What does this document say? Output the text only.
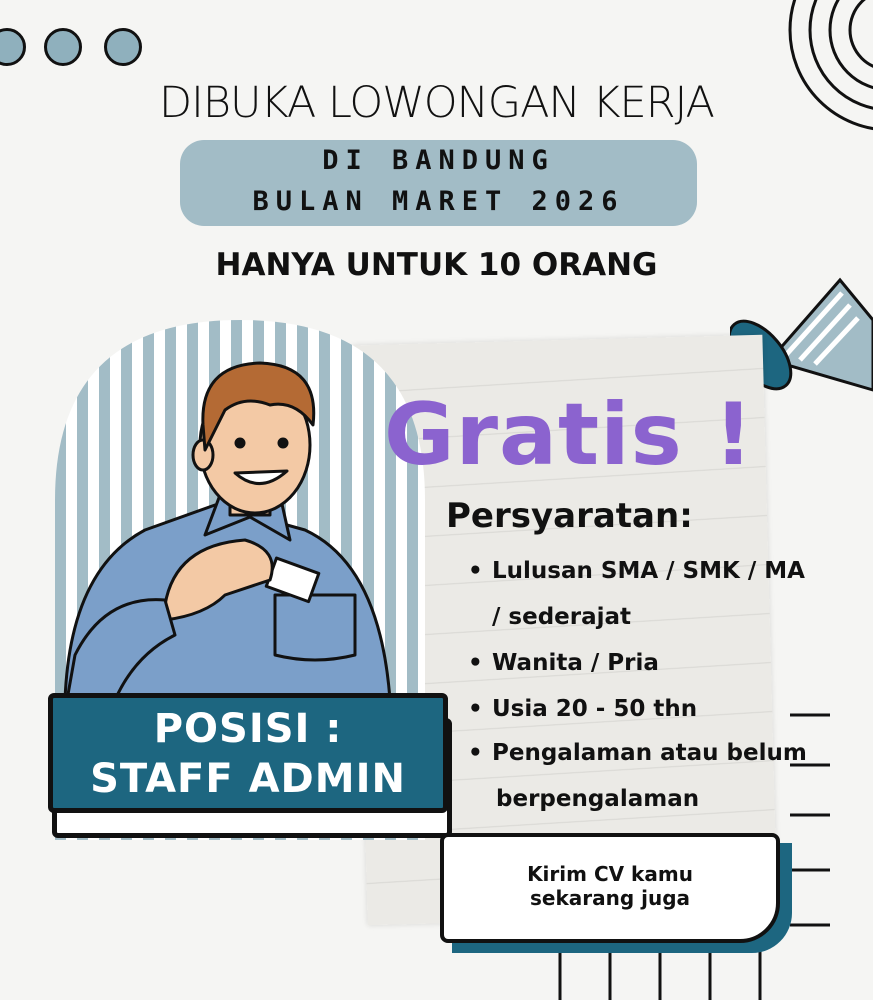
DIBUKA LOWONGAN KERJA
DI BANDUNG
BULAN MARET 2026
HANYA UNTUK 10 ORANG
Gratis !
Persyaratan:
• Lulusan SMA / SMK / MA
/ sederajat
• Wanita / Pria
• Usia 20 - 50 thn
• Pengalaman atau belum
berpengalaman
POSISI :
STAFF ADMIN
Kirim CV kamu
sekarang juga
